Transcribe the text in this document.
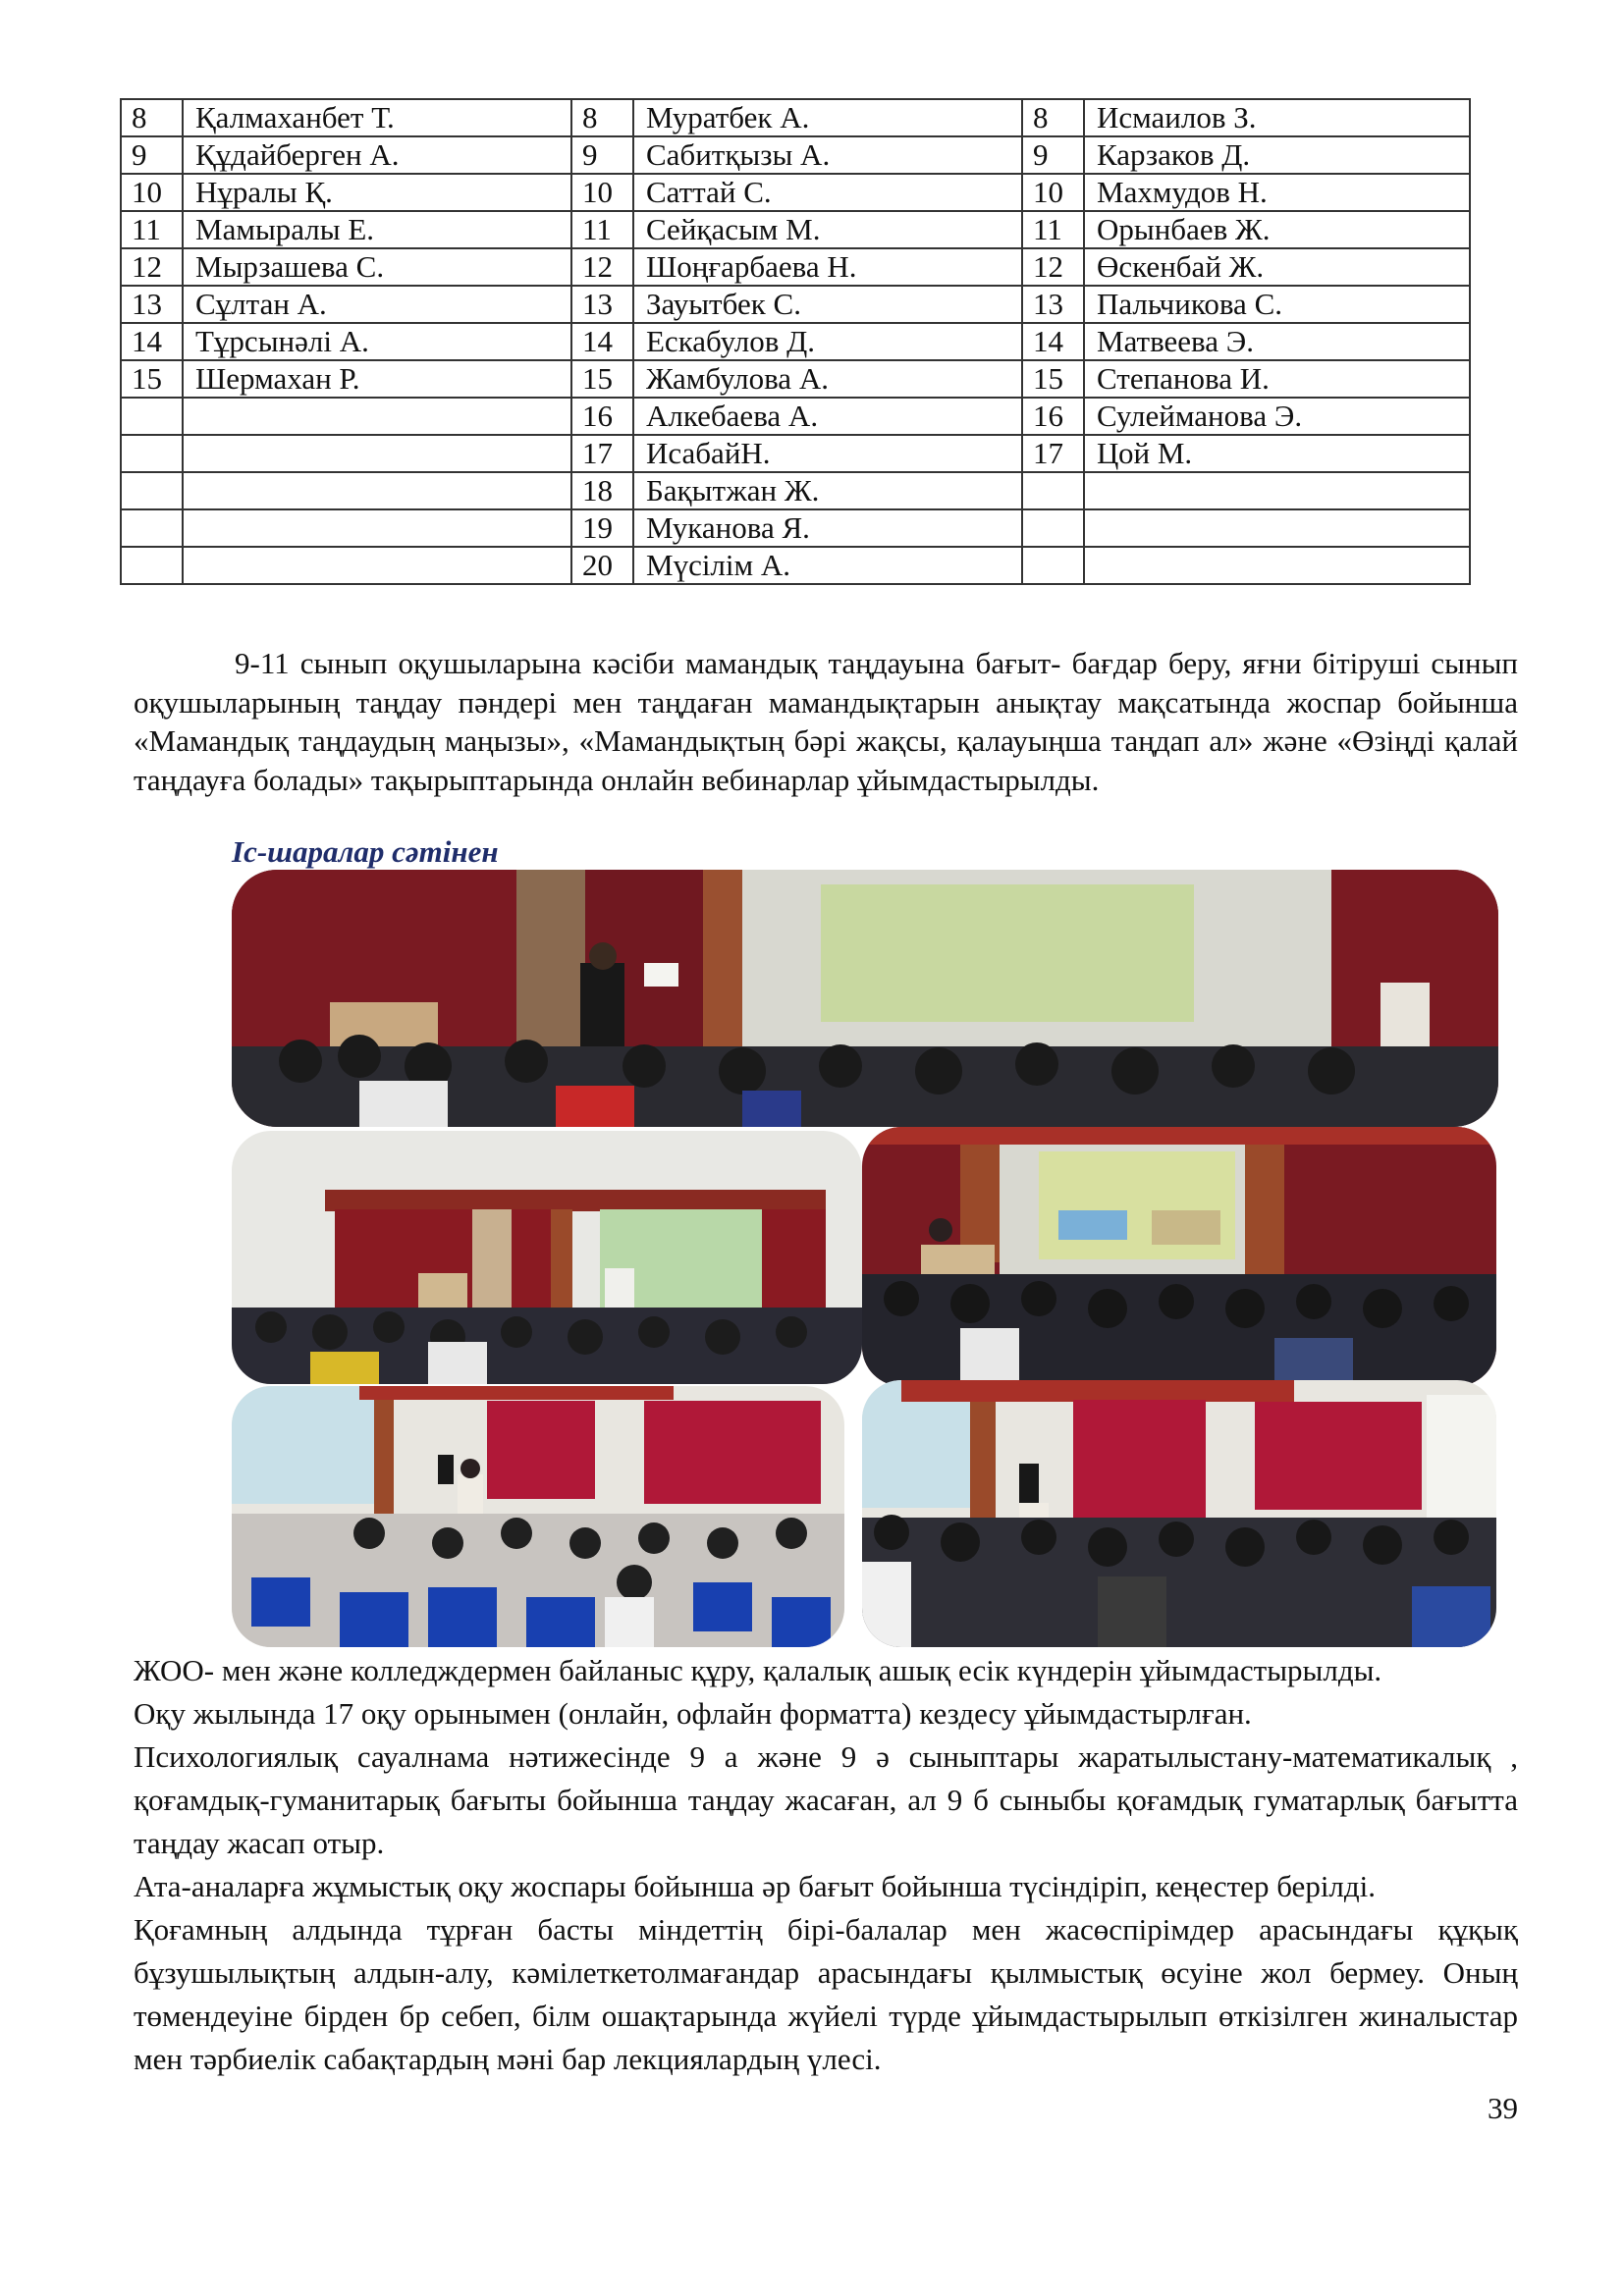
8	Қалмаханбет Т.	8	Муратбек А.	8	Исмаилов З.
9	Құдайберген А.	9	Сабитқызы А.	9	Карзаков Д.
10	Нұралы Қ.	10	Саттай С.	10	Махмудов Н.
11	Мамыралы Е.	11	Сейқасым М.	11	Орынбаев Ж.
12	Мырзашева С.	12	Шоңғарбаева Н.	12	Өскенбай Ж.
13	Сұлтан А.	13	Зауытбек С.	13	Пальчикова С.
14	Тұрсынәлі А.	14	Ескабулов Д.	14	Матвеева Э.
15	Шермахан Р.	15	Жамбулова А.	15	Степанова И.
		16	Алкебаева А.	16	Сулейманова Э.
		17	ИсабайН.	17	Цой М.
		18	Бақытжан Ж.		
		19	Муканова Я.		
		20	Мүсілім А.		

9-11 сынып оқушыларына кәсіби мамандық таңдауына бағыт- бағдар беру, яғни бітіруші сынып оқушыларының таңдау пәндері мен таңдаған мамандықтарын анықтау мақсатында жоспар бойынша «Мамандық таңдаудың маңызы», «Мамандықтың бәрі жақсы, қалауыңша таңдап ал» және «Өзіңді қалай таңдауға болады» тақырыптарында онлайн вебинарлар ұйымдастырылды.

Іс-шаралар сәтінен

ЖОО- мен және колледждермен байланыс құру, қалалық ашық есік күндерін ұйымдастырылды.

Оқу жылында 17 оқу орынымен (онлайн, офлайн форматта) кездесу ұйымдастырлған.

Психологиялық сауалнама нәтижесінде 9 а және 9 ә сыныптары жаратылыстану-математикалық , қоғамдық-гуманитарық бағыты бойынша таңдау жасаған, ал 9 б сыныбы қоғамдық гуматарлық бағытта таңдау жасап отыр.

Ата-аналарға жұмыстық оқу жоспары бойынша әр бағыт бойынша түсіндіріп, кеңестер берілді.

Қоғамның алдында тұрған басты міндеттің бірі-балалар мен жасөспірімдер арасындағы құқық бұзушылықтың алдын-алу, кәмілеткетолмағандар арасындағы қылмыстық өсуіне жол бермеу. Оның төмендеуіне бірден бр себеп, білм ошақтарында жүйелі түрде ұйымдастырылып өткізілген жиналыстар мен тәрбиелік сабақтардың мәні бар лекциялардың үлесі.

39
